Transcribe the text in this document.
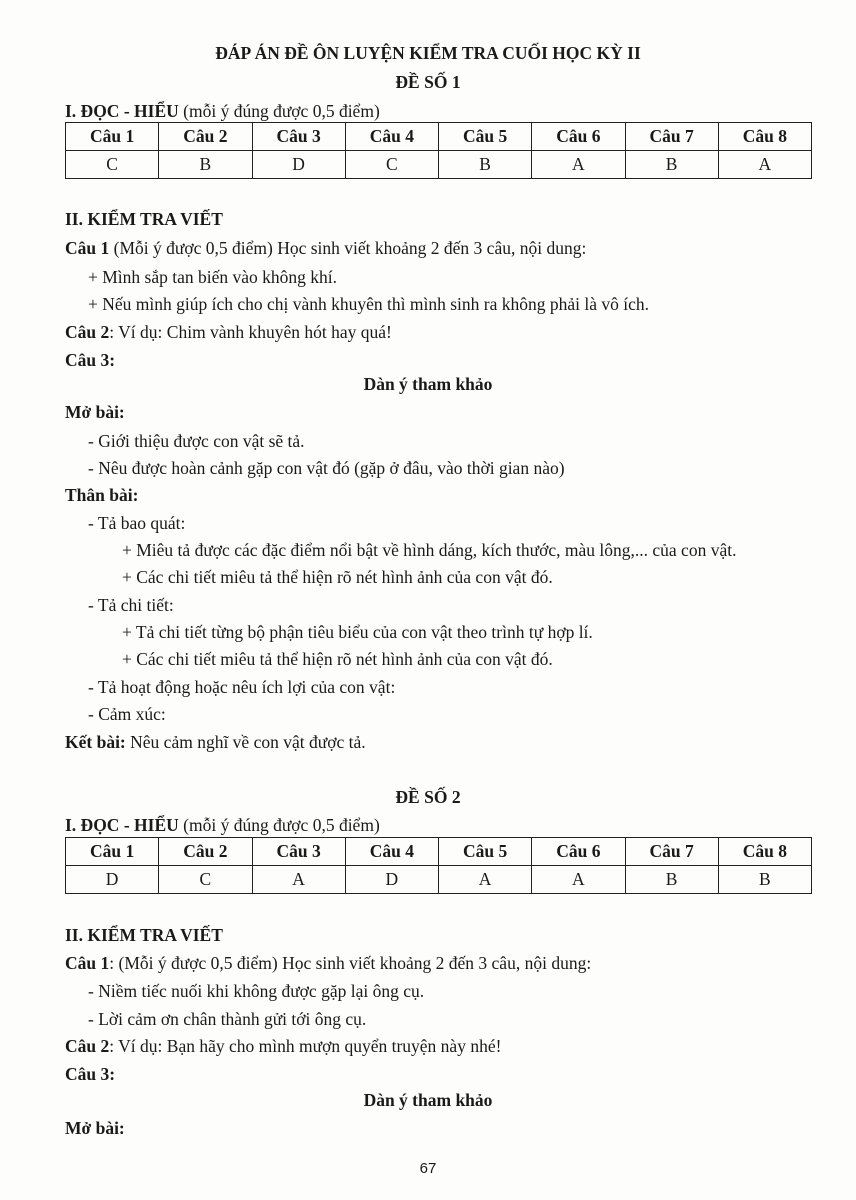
ĐÁP ÁN ĐỀ ÔN LUYỆN KIỂM TRA CUỐI HỌC KỲ II
ĐỀ SỐ 1
I. ĐỌC - HIỂU (mỗi ý đúng được 0,5 điểm)
Câu 1	Câu 2	Câu 3	Câu 4	Câu 5	Câu 6	Câu 7	Câu 8
C	B	D	C	B	A	B	A
II. KIỂM TRA VIẾT
Câu 1 (Mỗi ý được 0,5 điểm) Học sinh viết khoảng 2 đến 3 câu, nội dung:
+ Mình sắp tan biến vào không khí.
+ Nếu mình giúp ích cho chị vành khuyên thì mình sinh ra không phải là vô ích.
Câu 2: Ví dụ: Chim vành khuyên hót hay quá!
Câu 3:
Dàn ý tham khảo
Mở bài:
- Giới thiệu được con vật sẽ tả.
- Nêu được hoàn cảnh gặp con vật đó (gặp ở đâu, vào thời gian nào)
Thân bài:
- Tả bao quát:
+ Miêu tả được các đặc điểm nổi bật về hình dáng, kích thước, màu lông,... của con vật.
+ Các chi tiết miêu tả thể hiện rõ nét hình ảnh của con vật đó.
- Tả chi tiết:
+ Tả chi tiết từng bộ phận tiêu biểu của con vật theo trình tự hợp lí.
+ Các chi tiết miêu tả thể hiện rõ nét hình ảnh của con vật đó.
- Tả hoạt động hoặc nêu ích lợi của con vật:
- Cảm xúc:
Kết bài: Nêu cảm nghĩ về con vật được tả.
ĐỀ SỐ 2
I. ĐỌC - HIỂU (mỗi ý đúng được 0,5 điểm)
Câu 1	Câu 2	Câu 3	Câu 4	Câu 5	Câu 6	Câu 7	Câu 8
D	C	A	D	A	A	B	B
II. KIỂM TRA VIẾT
Câu 1: (Mỗi ý được 0,5 điểm) Học sinh viết khoảng 2 đến 3 câu, nội dung:
- Niềm tiếc nuối khi không được gặp lại ông cụ.
- Lời cảm ơn chân thành gửi tới ông cụ.
Câu 2: Ví dụ: Bạn hãy cho mình mượn quyển truyện này nhé!
Câu 3:
Dàn ý tham khảo
Mở bài:
67
